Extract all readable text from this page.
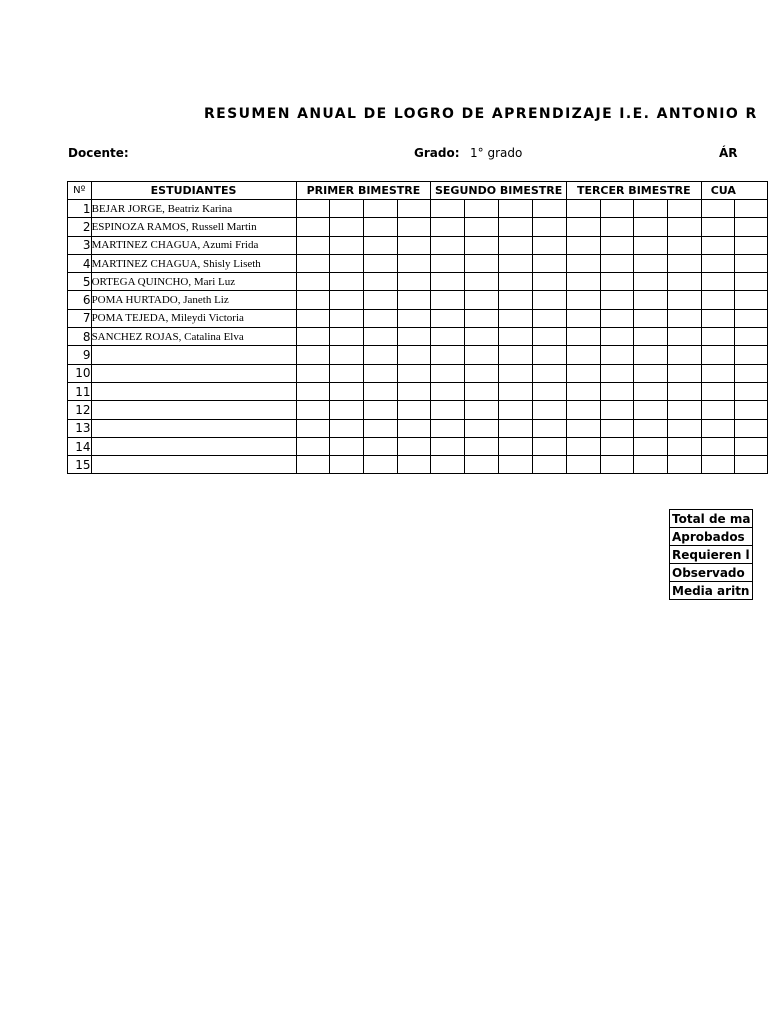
RESUMEN ANUAL DE LOGRO DE APRENDIZAJE I.E. ANTONIO R
Docente:	Grado: 1° grado	ÁR
Nº	ESTUDIANTES	PRIMER BIMESTRE				SEGUNDO BIMESTRE				TERCER BIMESTRE				CUA	
1	BEJAR JORGE, Beatriz Karina														
2	ESPINOZA RAMOS, Russell Martin														
3	MARTINEZ CHAGUA, Azumi Frida														
4	MARTINEZ CHAGUA, Shisly Liseth														
5	ORTEGA QUINCHO, Mari Luz														
6	POMA HURTADO, Janeth Liz														
7	POMA TEJEDA, Mileydi Victoria														
8	SANCHEZ ROJAS, Catalina Elva														
9															
10															
11															
12															
13															
14															
15															
Total de ma
Aprobados
Requieren l
Observado
Media aritn
